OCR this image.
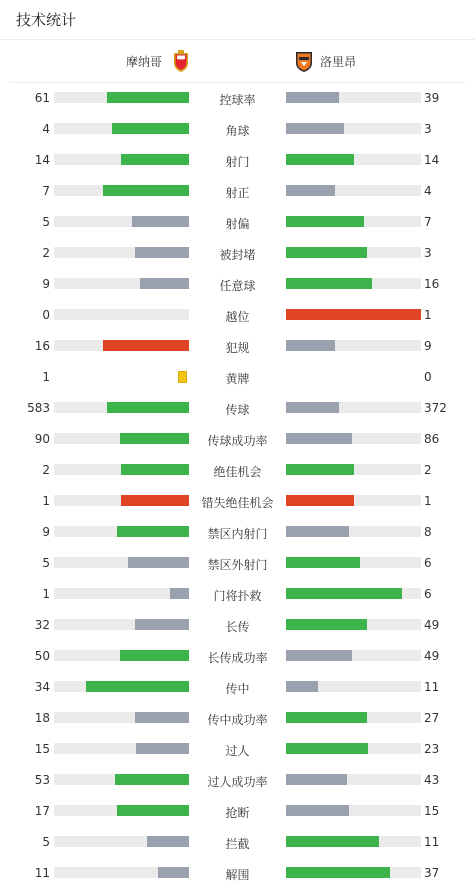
技术统计
摩纳哥	洛里昂
61	控球率	39
4	角球	3
14	射门	14
7	射正	4
5	射偏	7
2	被封堵	3
9	任意球	16
0	越位	1
16	犯规	9
1	黄牌	0
583	传球	372
90	传球成功率	86
2	绝佳机会	2
1	错失绝佳机会	1
9	禁区内射门	8
5	禁区外射门	6
1	门将扑救	6
32	长传	49
50	长传成功率	49
34	传中	11
18	传中成功率	27
15	过人	23
53	过人成功率	43
17	抢断	15
5	拦截	11
11	解围	37
